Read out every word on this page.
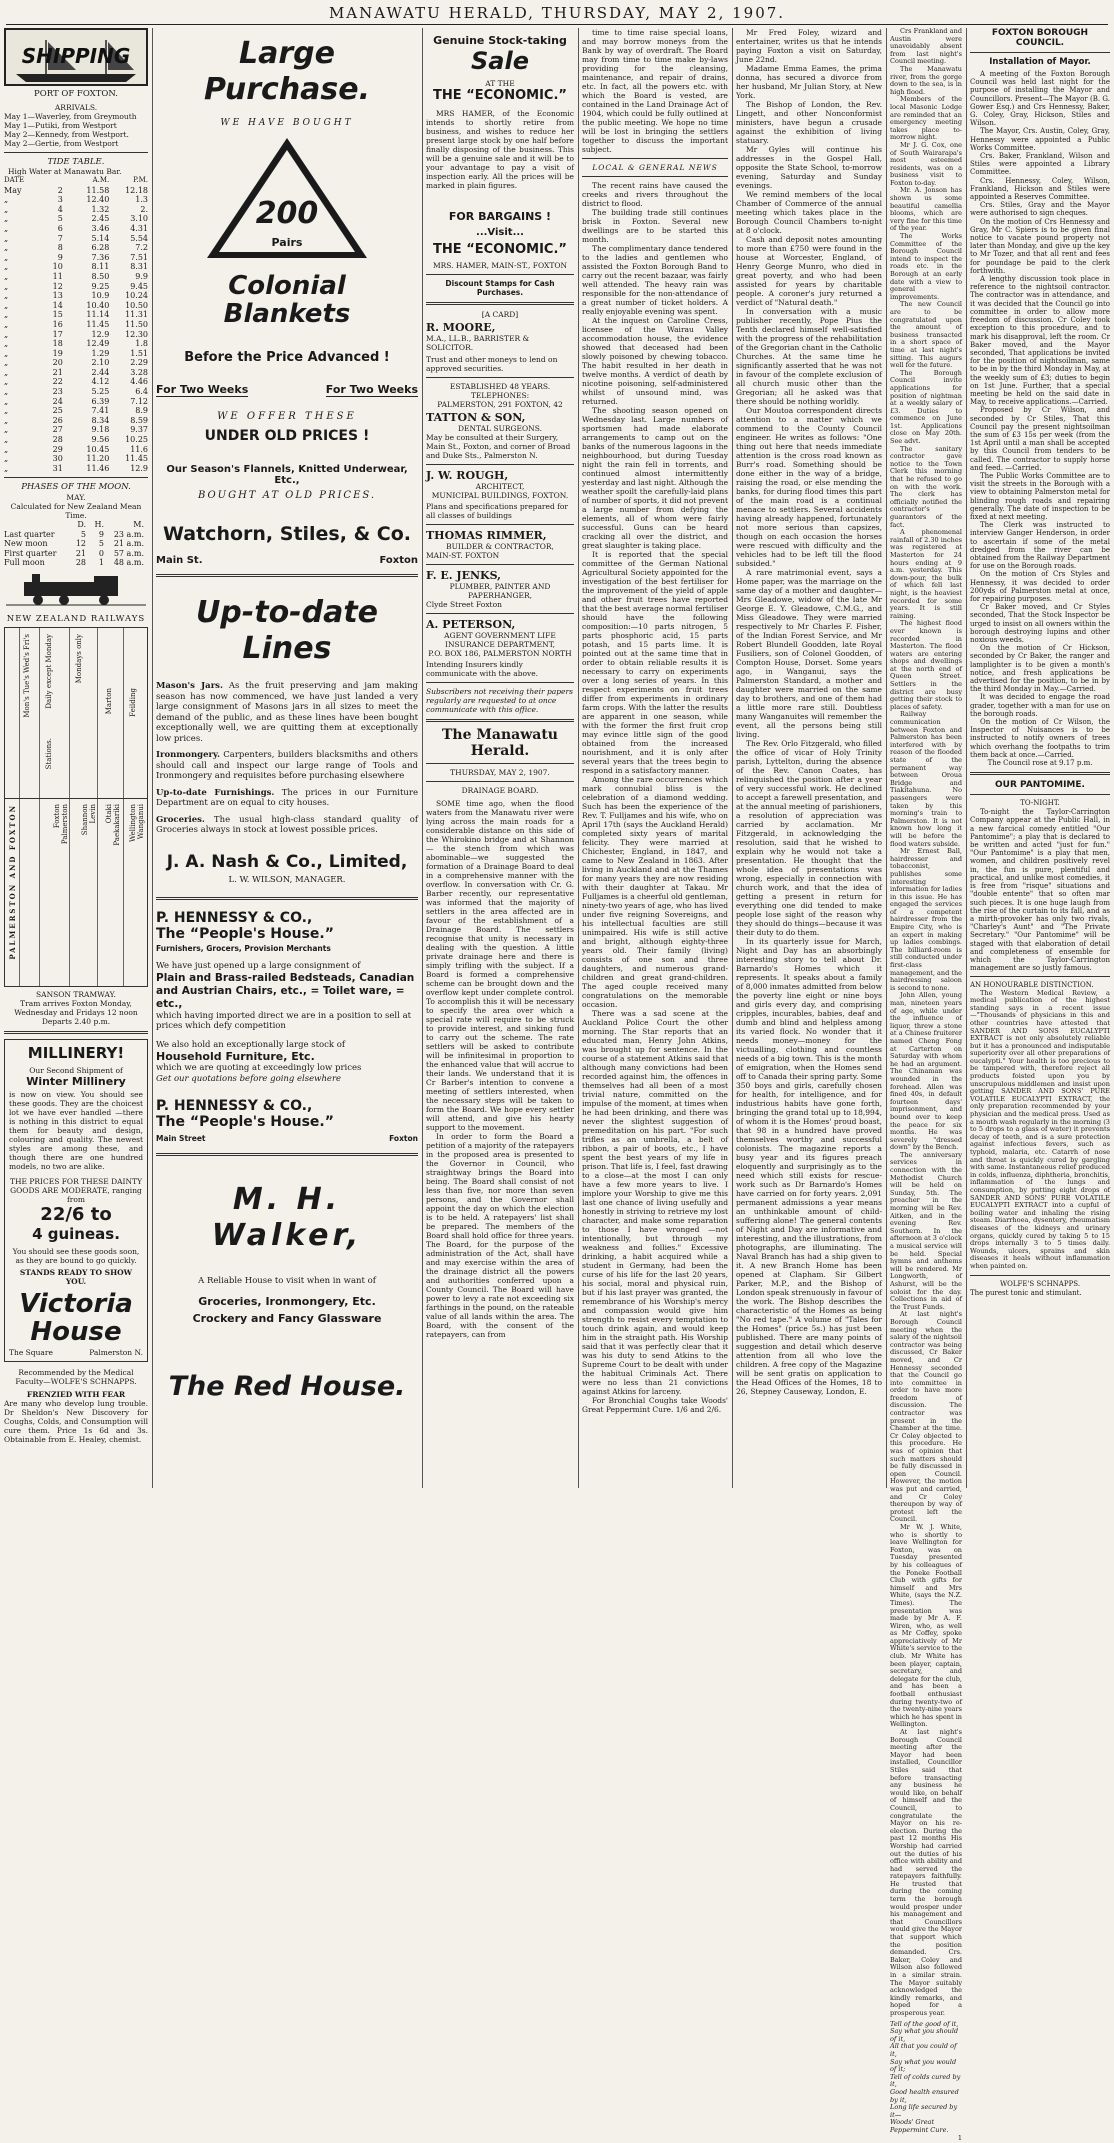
MANAWATU HERALD, THURSDAY, MAY 2, 1907.
SHIPPING
PORT OF FOXTON.
ARRIVALS.
May 1—Waverley, from Greymouth
May 1—Putiki, from Westport
May 2—Kennedy, from Westport.
May 2—Gertie, from Westport
TIDE TABLE.
High Water at Manawatu Bar.
DATE	A.M.	P.M.
May	2	11.58	12.18
„	3	12.40	1.3
„	4	1.32	2.
„	5	2.45	3.10
„	6	3.46	4.31
„	7	5.14	5.54
„	8	6.28	7.2
„	9	7.36	7.51
„	10	8.11	8.31
„	11	8.50	9.9
„	12	9.25	9.45
„	13	10.9	10.24
„	14	10.40	10.50
„	15	11.14	11.31
„	16	11.45	11.50
„	17	12.9	12.30
„	18	12.49	1.8
„	19	1.29	1.51
„	20	2.10	2.29
„	21	2.44	3.28
„	22	4.12	4.46
„	23	5.25	6.4
„	24	6.39	7.12
„	25	7.41	8.9
„	26	8.34	8.59
„	27	9.18	9.37
„	28	9.56	10.25
„	29	10.45	11.6
„	30	11.20	11.45
„	31	11.46	12.9
PHASES OF THE MOON.
MAY.
Calculated for New Zealand Mean Time.
D.	H.	M.
Last quarter	5	9	23 a.m.
New moon	12	5	21 a.m.
First quarter	21	0	57 a.m.
Full moon	28	1	48 a.m.
NEW ZEALAND RAILWAYS
PALMERSTON AND FOXTON
Mon's Tue's Wed's Fri's Daily except Monday	Mondays only
Stations.
Foxton Palmerston Shannon Levin Otaki Paekakariki Wellington Wanganui
Marton Feilding
SANSON TRAMWAY.
Tram arrives Foxton Monday, Wednesday and Fridays 12 noon Departs 2.40 p.m.
MILLINERY!
Our Second Shipment of
Winter Millinery
is now on view. You should see these goods. They are the choicest lot we have ever handled —there is nothing in this district to equal them for beauty and design, colouring and quality. The newest styles are among these, and though there are one hundred models, no two are alike.
THE PRICES FOR THESE DAINTY GOODS ARE MODERATE, ranging from
22/6 to
4 guineas.
You should see these goods soon, as they are bound to go quickly.
STANDS READY TO SHOW YOU.
Victoria
House
The Square	Palmerston N.
Recommended by the Medical Faculty—WOLFE'S SCHNAPPS.
FRENZIED WITH FEAR
Are many who develop lung trouble. Dr Sheldon's New Discovery for Coughs, Colds, and Consumption will cure them. Price 1s 6d and 3s. Obtainable from E. Healey, chemist.
Large Purchase.
WE HAVE BOUGHT
200
Pairs
Colonial
Blankets
Before the Price Advanced !
For Two Weeks	For Two Weeks
WE OFFER THESE
UNDER OLD PRICES !
Our Season's Flannels, Knitted Underwear, Etc.,
BOUGHT AT OLD PRICES.
Watchorn, Stiles, & Co.
Main St.	Foxton
Up-to-date Lines
Mason's Jars. As the fruit preserving and jam making season has now commenced, we have just landed a very large consignment of Masons jars in all sizes to meet the demand of the public, and as these lines have been bought exceptionally well, we are quitting them at exceptionally low prices.
Ironmongery. Carpenters, builders blacksmiths and others should call and inspect our large range of Tools and Ironmongery and requisites before purchasing elsewhere
Up-to-date Furnishings. The prices in our Furniture Department are on equal to city houses.
Groceries. The usual high-class standard quality of Groceries always in stock at lowest possible prices.
J. A. Nash & Co., Limited,
L. W. WILSON, MANAGER.
P. HENNESSY & CO.,
The “People's House.”
Furnishers, Grocers, Provision Merchants
We have just opened up a large consignment of
Plain and Brass-railed Bedsteads, Canadian and Austrian Chairs, etc., = Toilet ware, = etc.,
which having imported direct we are in a position to sell at prices which defy competition
We also hold an exceptionally large stock of
Household Furniture, Etc.
which we are quoting at exceedingly low prices
Get our quotations before going elsewhere
P. HENNESSY & CO.,
The “People's House.”
Main Street	Foxton
M. H. Walker,
A Reliable House to visit when in want of
Groceries, Ironmongery, Etc.
Crockery and Fancy Glassware
The Red House.
Genuine Stock-taking
Sale
AT THE
THE “ECONOMIC.”
MRS HAMER, of the Economic intends to shortly retire from business, and wishes to reduce her present large stock by one half before finally disposing of the business. This will be a genuine sale and it will be to your advantage to pay a visit of inspection early. All the prices will be marked in plain figures.
FOR BARGAINS !
...Visit...
THE “ECONOMIC.”
MRS. HAMER, MAIN-ST., FOXTON
Discount Stamps for Cash Purchases.
[A CARD]
R. MOORE,
M.A., LL.B., BARRISTER & SOLICITOR.
Trust and other moneys to lend on approved securities.
ESTABLISHED 48 YEARS.
TELEPHONES:
PALMERSTON, 291 FOXTON, 42
TATTON & SON,
DENTAL SURGEONS.
May be consulted at their Surgery, Main St., Foxton, and corner of Broad and Duke Sts., Palmerston N.
J. W. ROUGH,
ARCHITECT,
MUNICIPAL BUILDINGS, FOXTON.
Plans and specifications prepared for all classes of buildings
THOMAS RIMMER,
BUILDER & CONTRACTOR,
MAIN-ST. FOXTON
F. E. JENKS,
PLUMBER, PAINTER AND PAPERHANGER,
Clyde Street Foxton
A. PETERSON,
AGENT GOVERNMENT LIFE INSURANCE DEPARTMENT,
P.O. BOX 186, PALMERSTON NORTH
Intending Insurers kindly communicate with the above.
Subscribers not receiving their papers regularly are requested to at once communicate with this office.
The Manawatu Herald.
THURSDAY, MAY 2, 1907.
DRAINAGE BOARD.
SOME time ago, when the flood waters from the Manawatu river were lying across the main roads for a considerable distance on this side of the Whirokino bridge and at Shannon — the stench from which was abominable—we suggested the formation of a Drainage Board to deal in a comprehensive manner with the overflow. In conversation with Cr. G. Barber recently, our representative was informed that the majority of settlers in the area affected are in favour of the establishment of a Drainage Board. The settlers recognise that unity is necessary in dealing with the question. A little private drainage here and there is simply trifling with the subject. If a Board is formed a comprehensive scheme can be brought down and the overflow kept under complete control. To accomplish this it will be necessary to specify the area over which a special rate will require to be struck to provide interest, and sinking fund to carry out the scheme. The rate settlers will be asked to contribute will be infinitesimal in proportion to the enhanced value that will accrue to their lands. We understand that it is Cr Barber's intention to convene a meeting of settlers interested, when the necessary steps will be taken to form the Board. We hope every settler will attend, and give his hearty support to the movement.
In order to form the Board a petition of a majority of the ratepayers in the proposed area is presented to the Governor in Council, who straightway brings the Board into being. The Board shall consist of not less than five, nor more than seven persons, and the Governor shall appoint the day on which the election is to be held. A ratepayers' list shall be prepared. The members of the Board shall hold office for three years. The Board, for the purpose of the administration of the Act, shall have and may exercise within the area of the drainage district all the powers and authorities conferred upon a County Council. The Board will have power to levy a rate not exceeding six farthings in the pound, on the rateable value of all lands within the area. The Board, with the consent of the ratepayers, can from
time to time raise special loans, and may borrow moneys from the Bank by way of overdraft. The Board may from time to time make by-laws providing for the cleansing, maintenance, and repair of drains, etc. In fact, all the powers etc. with which the Board is vested, are contained in the Land Drainage Act of 1904, which could be fully outlined at the public meeting. We hope no time will be lost in bringing the settlers together to discuss the important subject.
LOCAL & GENERAL NEWS
The recent rains have caused the creeks and rivers throughout the district to flood.
The building trade still continues brisk in Foxton. Several new dwellings are to be started this month.
The complimentary dance tendered to the ladies and gentlemen who assisted the Foxton Borough Band to carry out the recent bazaar, was fairly well attended. The heavy rain was responsible for the non-attendance of a great number of ticket holders. A really enjoyable evening was spent.
At the inquest on Caroline Cress, licensee of the Wairau Valley accommodation house, the evidence showed that deceased had been slowly poisoned by chewing tobacco. The habit resulted in her death in twelve months. A verdict of death by nicotine poisoning, self-administered whilst of unsound mind, was returned.
The shooting season opened on Wednesday last. Large numbers of sportsmen had made elaborate arrangements to camp out on the banks of the numerous lagoons in the neighbourhood, but during Tuesday night the rain fell in torrents, and continued almost intermittently yesterday and last night. Although the weather spoilt the carefully-laid plans of number of sports, it did not prevent a large number from defying the elements, all of whom were fairly successful. Guns can be heard cracking all over the district, and great slaughter is taking place.
It is reported that the special committee of the German National Agricultural Society appointed for the investigation of the best fertiliser for the improvement of the yield of apple and other fruit trees have reported that the best average normal fertiliser should have the following composition:—10 parts nitrogen, 5 parts phosphoric acid, 15 parts potash, and 15 parts lime. It is pointed out at the same time that in order to obtain reliable results it is necessary to carry on experiments over a long series of years. In this respect experiments on fruit trees differ from experiments in ordinary farm crops. With the latter the results are apparent in one season, while with the former the first fruit crop may evince little sign of the good obtained from the increased nourishment, and it is only after several years that the trees begin to respond in a satisfactory manner.
Among the rare occurrences which mark connubial bliss is the celebration of a diamond wedding. Such has been the experience of the Rev. T. Fulljames and his wife, who on April 17th (says the Auckland Herald) completed sixty years of marital felicity. They were married at Chichester, England, in 1847, and came to New Zealand in 1863. After living in Auckland and at the Thames for many years they are now residing with their daughter at Takau. Mr Fulljames is a cheerful old gentleman, ninety-two years of age, who has lived under five reigning Sovereigns, and his intellectual faculties are still unimpaired. His wife is still active and bright, although eighty-three years old. Their family (living) consists of one son and three daughters, and numerous grand-children and great grand-children. The aged couple received many congratulations on the memorable occasion.
There was a sad scene at the Auckland Police Court the other morning. The Star reports that an educated man, Henry John Atkins, was brought up for sentence. In the course of a statement Atkins said that although many convictions had been recorded against him, the offences in themselves had all been of a most trivial nature, committed on the impulse of the moment, at times when he had been drinking, and there was never the slightest suggestion of premeditation on his part. "For such trifles as an umbrella, a belt of ribbon, a pair of boots, etc., I have spent the best years of my life in prison. That life is, I feel, fast drawing to a close—at the most I can only have a few more years to live. I implore your Worship to give me this last one chance of living usefully and honestly in striving to retrieve my lost character, and make some reparation to those I have wronged —not intentionally, but through my weakness and follies." Excessive drinking, a habit acquired while a student in Germany, had been the curse of his life for the last 20 years, his social, moral and physical ruin, but if his last prayer was granted, the remembrance of his Worship's mercy and compassion would give him strength to resist every temptation to touch drink again, and would keep him in the straight path. His Worship said that it was perfectly clear that it was his duty to send Atkins to the Supreme Court to be dealt with under the habitual Criminals Act. There were no less than 21 convictions against Atkins for larceny.
For Bronchial Coughs take Woods' Great Peppermint Cure. 1/6 and 2/6.
Mr Fred Foley, wizard and entertainer, writes us that he intends paying Foxton a visit on Saturday, June 22nd.
Madame Emma Eames, the prima donna, has secured a divorce from her husband, Mr Julian Story, at New York.
The Bishop of London, the Rev. Lingett, and other Nonconformist ministers, have begun a crusade against the exhibition of living statuary.
Mr Gyles will continue his addresses in the Gospel Hall, opposite the State School, to-morrow evening, Saturday and Sunday evenings.
We remind members of the local Chamber of Commerce of the annual meeting which takes place in the Borough Council Chambers to-night at 8 o'clock.
Cash and deposit notes amounting to more than £750 were found in the house at Worcester, England, of Henry George Munro, who died in great poverty, and who had been assisted for years by charitable people. A coroner's jury returned a verdict of "Natural death."
In conversation with a music publisher recently, Pope Pius the Tenth declared himself well-satisfied with the progress of the rehabilitation of the Gregorian chant in the Catholic Churches. At the same time he significantly asserted that he was not in favour of the complete exclusion of all church music other than the Gregorian; all he asked was that there should be nothing worldly.
Our Moutoa correspondent directs attention to a matter which we commend to the County Council engineer. He writes as follows: "One thing out here that needs immediate attention is the cross road known as Burr's road. Something should be done either in the way of a bridge, raising the road, or else mending the banks, for during flood times this part of the main road is a continual menace to settlers. Several accidents having already happened, fortunately not more serious than capsizes, though on each occasion the horses were rescued with difficulty and the vehicles had to be left till the flood subsided."
A rare matrimonial event, says a Home paper, was the marriage on the same day of a mother and daughter—Mrs Gleadowe, widow of the late Mr George E. Y. Gleadowe, C.M.G., and Miss Gleadowe. They were married respectively to Mr Charles F. Fisher, of the Indian Forest Service, and Mr Robert Blundell Goodden, late Royal Fusiliers, son of Colonel Goodden, of Compton House, Dorset. Some years ago, in Wanganui, says the Palmerston Standard, a mother and daughter were married on the same day to brothers, and one of them had a little more rare still. Doubtless many Wanganuites will remember the event, all the persons being still living.
The Rev. Orlo Fitzgerald, who filled the office of vicar of Holy Trinity parish, Lyttelton, during the absence of the Rev. Canon Coates, has relinquished the position after a year of very successful work. He declined to accept a farewell presentation, and at the annual meeting of parishioners, a resolution of appreciation was carried by acclamation. Mr Fitzgerald, in acknowledging the resolution, said that he wished to explain why he would not take a presentation. He thought that the whole idea of presentations was wrong, especially in connection with church work, and that the idea of getting a present in return for everything one did tended to make people lose sight of the reason why they should do things—because it was their duty to do them.
In its quarterly issue for March, Night and Day has an absorbingly interesting story to tell about Dr. Barnardo's Homes which it represents. It speaks about a family of 8,000 inmates admitted from below the poverty line eight or nine boys and girls every day, and comprising cripples, incurables, babies, deaf and dumb and blind and helpless among its varied flock. No wonder that it needs money—money for the victualling, clothing and countless needs of a big town. This is the month of emigration, when the Homes send off to Canada their spring party. Some 350 boys and girls, carefully chosen for health, for intelligence, and for industrious habits have gone forth, bringing the grand total up to 18,994, of whom it is the Homes' proud boast, that 98 in a hundred have proved themselves worthy and successful colonists. The magazine reports a busy year and its figures preach eloquently and surprisingly as to the need which still exists for rescue-work such as Dr Barnardo's Homes have carried on for forty years. 2,091 permanent admissions a year means an unthinkable amount of child-suffering alone! The general contents of Night and Day are informative and interesting, and the illustrations, from photographs, are illuminating. The Naval Branch has had a ship given to it. A new Branch Home has been opened at Clapham. Sir Gilbert Parker, M.P., and the Bishop of London speak strenuously in favour of the work. The Bishop describes the characteristic of the Homes as being "No red tape." A volume of "Tales for the Homes" (price 5s.) has just been published. There are many points of suggestion and detail which deserve attention from all who love the children. A free copy of the Magazine will be sent gratis on application to the Head Offices of the Homes, 18 to 26, Stepney Causeway, London, E.
Crs Frankland and Austin were unavoidably absent from last night's Council meeting.
The Manawatu river, from the gorge down to the sea, is in high flood.
Members of the local Masonic Lodge are reminded that an emergency meeting takes place to-morrow night.
Mr J. G. Cox, one of South Wairarapa's most esteemed residents, was on a business visit to Foxton to-day.
Mr. A. Jonson has shown us some beautiful camellia blooms, which are very fine for this time of the year.
The Works Committee of the Borough Council intend to inspect the roads etc. in the Borough at an early date with a view to general improvements.
The new Council are to be congratulated upon the amount of business transacted in a short space of time at last night's sitting. This augurs well for the future.
The Borough Council invite applications for position of nightman at a weekly salary of £3. Duties to commence on June 1st. Applications close on May 20th. See advt.
The sanitary contractor gave notice to the Town Clerk this morning that he refused to go on with the work. The clerk has officially notified the contractor's guarantors of the fact.
A phenomenal rainfall of 2.30 inches was registered at Masterton for 24 hours ending at 9 a.m. yesterday. This down-pour, the bulk of which fell last night, is the heaviest recorded for some years. It is still raining.
The highest flood ever known is recorded in Masterton. The flood waters are entering shops and dwellings at the north end of Queen Street. Settlers in the district are busy getting their stock to places of safety.
Railway communication between Foxton and Palmerston has been interfered with by reason of the flooded state of the permanent way between Oroua Bridge and Tiakitahuna. No passengers were taken by this morning's train to Palmerston. It is not known how long it will be before the flood waters subside.
Mr Ernest Ball, hairdresser and tobacconist, publishes some interesting information for ladies in this issue. He has engaged the services of a competent hairdresser from the Empire City, who is an expert in making up ladies combings. The billiard-room is still conducted under first-class management, and the hairdressing saloon is second to none.
John Allen, young man, nineteen years of age, while under the influence of liquor, threw a stone at a Chinese fruiterer named Cheng Fong at Carterton on Saturday with whom he had an argument. The Chinaman was wounded in the forehead. Allen was fined 40s, in default fourteen days' imprisonment, and bound over to keep the peace for six months. He was severely "dressed down" by the Bench.
The anniversary services in connection with the Methodist Church will be held on Sunday, 5th. The preacher in the morning will be Rev. Aitken, and in the evening Rev. Southern. In the afternoon at 3 o'clock a musical service will be held. Special hymns and anthems will be rendered. Mr Longworth, of Ashurst, will be the soloist for the day. Collections in aid of the Trust Funds.
At last night's Borough Council meeting when the salary of the nightsoil contractor was being discussed, Cr Baker moved, and Cr Hennessy seconded that the Council go into committee in order to have more freedom of discussion. The contractor was present in the Chamber at the time. Cr Coley objected to this procedure. He was of opinion that such matters should be fully discussed in open Council. However, the motion was put and carried, and Cr Coley thereupon by way of protest left the Council.
Mr W. J. White, who is shortly to leave Wellington for Foxton, was on Tuesday presented by his colleagues of the Poneke Football Club with gifts for himself and Mrs White, (says the N.Z. Times). The presentation was made by Mr A. F. Wiren, who, as well as Mr Coffey, spoke appreciatively of Mr White's service to the club. Mr White has been player, captain, secretary, and delegate for the club, and has been a football enthusiast during twenty-two of the twenty-nine years which he has spent in Wellington.
At last night's Borough Council meeting after the Mayor had been installed, Councillor Stiles said that before transacting any business he would like, on behalf of himself and the Council, to congratulate the Mayor on his re-election. During the past 12 months His Worship had carried out the duties of his office with ability and had served the ratepayers faithfully. He trusted that during the coming term the borough would prosper under his management and that Councillors would give the Mayor that support which the position demanded. Crs. Baker, Coley and Wilson also followed in a similar strain. The Mayor suitably acknowledged the kindly remarks, and hoped for a prosperous year.
Tell of the good of it,
Say what you should of it,
All that you could of it,
Say what you would of it;
Tell of colds cured by it,
Good health ensured by it,
Long life secured by it—
Woods' Great Peppermint Cure.
1
FOXTON BOROUGH COUNCIL.
Installation of Mayor.
A meeting of the Foxton Borough Council was held last night for the purpose of installing the Mayor and Councillors. Present—The Mayor (B. G. Gower Esq.) and Crs Hennessy, Baker, G. Coley, Gray, Hickson, Stiles and Wilson.
The Mayor, Crs. Austin, Coley, Gray, Hennessy were appointed a Public Works Committee.
Crs. Baker, Frankland, Wilson and Stiles were appointed a Library Committee.
Crs. Hennessy, Coley, Wilson, Frankland, Hickson and Stiles were appointed a Reserves Committee.
Crs. Stiles, Gray and the Mayor were authorised to sign cheques.
On the motion of Crs Hennessy and Gray, Mr C. Spiers is to be given final notice to vacate pound property not later than Monday, and give up the key to Mr Tozer, and that all rent and fees for poundage be paid to the clerk forthwith.
A lengthy discussion took place in reference to the nightsoil contractor. The contractor was in attendance, and it was decided that the Council go into committee in order to allow more freedom of discussion. Cr Coley took exception to this procedure, and to mark his disapproval, left the room. Cr Baker moved, and the Mayor seconded, That applications be invited for the position of nightsoilman, same to be in by the third Monday in May, at the weekly sum of £3; duties to begin on 1st June. Further, that a special meeting be held on the said date in May, to receive applications.—Carried.
Proposed by Cr Wilson, and seconded by Cr Stiles, That this Council pay the present nightsoilman the sum of £3 15s per week (from the 1st April until a man shall be accepted by this Council from tenders to be called. The contractor to supply horse and feed. —Carried.
The Public Works Committee are to visit the streets in the Borough with a view to obtaining Palmerston metal for blinding rough roads and repairing generally. The date of inspection to be fixed at next meeting.
The Clerk was instructed to interview Ganger Henderson, in order to ascertain if some of the metal dredged from the river can be obtained from the Railway Department for use on the Borough roads.
On the motion of Crs Styles and Hennessy, it was decided to order 200yds of Palmerston metal at once, for repairing purposes.
Cr Baker moved, and Cr Styles seconded, That the Stock Inspector be urged to insist on all owners within the borough destroying lupins and other noxious weeds.
On the motion of Cr Hickson, seconded by Cr Baker, the ranger and lamplighter is to be given a month's notice, and fresh applications be advertised for the position, to be in by the third Monday in May.—Carried.
It was decided to engage the road grader, together with a man for use on the borough roads.
On the motion of Cr Wilson, the Inspector of Nuisances is to be instructed to notify owners of trees which overhang the footpaths to trim them back at once.—Carried.
The Council rose at 9.17 p.m.
OUR PANTOMIME.
TO-NIGHT.
To-night the Taylor-Carrington Company appear at the Public Hall, in a new farcical comedy entitled "Our Pantomime"; a play that is declared to be written and acted "just for fun." "Our Pantomime" is a play that men, women, and children positively revel in, the fun is pure, plentiful and practical, and unlike most comedies, it is free from "risque" situations and "double entente" that so often mar such pieces. It is one huge laugh from the rise of the curtain to its fall, and as a mirth-provoker has only two rivals, "Charley's Aunt" and "The Private Secretary." "Our Pantomime" will be staged with that elaboration of detail and completeness of ensemble for which the Taylor-Carrington management are so justly famous.
AN HONOURABLE DISTINCTION.
The Western Medical Review, a medical publication of the highest standing says in a recent issue—"Thousands of physicians in this and other countries have attested that SANDER AND SONS EUCALYPTI EXTRACT is not only absolutely reliable but it has a pronounced and indisputable superiority over all other preparations of eucalypti." Your health is too precious to be tampered with, therefore reject all products foisted upon you by unscrupulous middlemen and insist upon getting SANDER AND SONS' PURE VOLATILE EUCALYPTI EXTRACT, the only preparation recommended by your physician and the medical press. Used as a mouth wash regularly in the morning (3 to 5 drops to a glass of water) it prevents decay of teeth, and is a sure protection against infectious fevers, such as typhoid, malaria, etc. Catarrh of nose and throat is quickly cured by gargling with same. Instantaneous relief produced in colds, influenza, diphtheria, bronchitis, inflammation of the lungs and consumption, by putting eight drops of SANDER AND SONS' PURE VOLATILE EUCALYPTI EXTRACT into a cupful of boiling water and inhaling the rising steam. Diarrhoea, dysentery, rheumatism diseases of the kidneys and urinary organs, quickly cured by taking 5 to 15 drops internally 3 to 5 times daily. Wounds, ulcers, sprains and skin diseases it heals without inflammation when painted on.
WOLFE'S SCHNAPPS.
The purest tonic and stimulant.
